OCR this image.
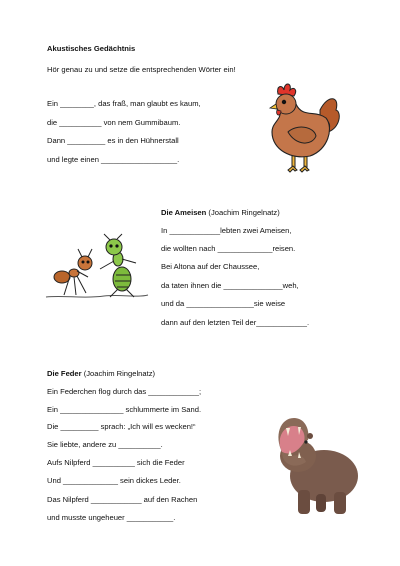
Akustisches Gedächtnis
Hör genau zu und setze die entsprechenden Wörter ein!
Ein ________, das fraß, man glaubt es kaum,
die __________ von nem Gummibaum.
Dann _________ es in den Hühnerstall
und legte einen __________________.
Die Ameisen (Joachim Ringelnatz)
In ____________lebten zwei Ameisen,
die wollten nach _____________reisen.
Bei Altona auf der Chaussee,
da taten ihnen die ______________weh,
und da ________________sie weise
dann auf den letzten Teil der____________.
Die Feder (Joachim Ringelnatz)
Ein Federchen flog durch das ____________;
Ein _______________ schlummerte im Sand.
Die _________ sprach: „Ich will es wecken!“
Sie liebte, andere zu __________.
Aufs Nilpferd __________ sich die Feder
Und _____________ sein dickes Leder.
Das Nilpferd ____________ auf den Rachen
und musste ungeheuer ___________.
